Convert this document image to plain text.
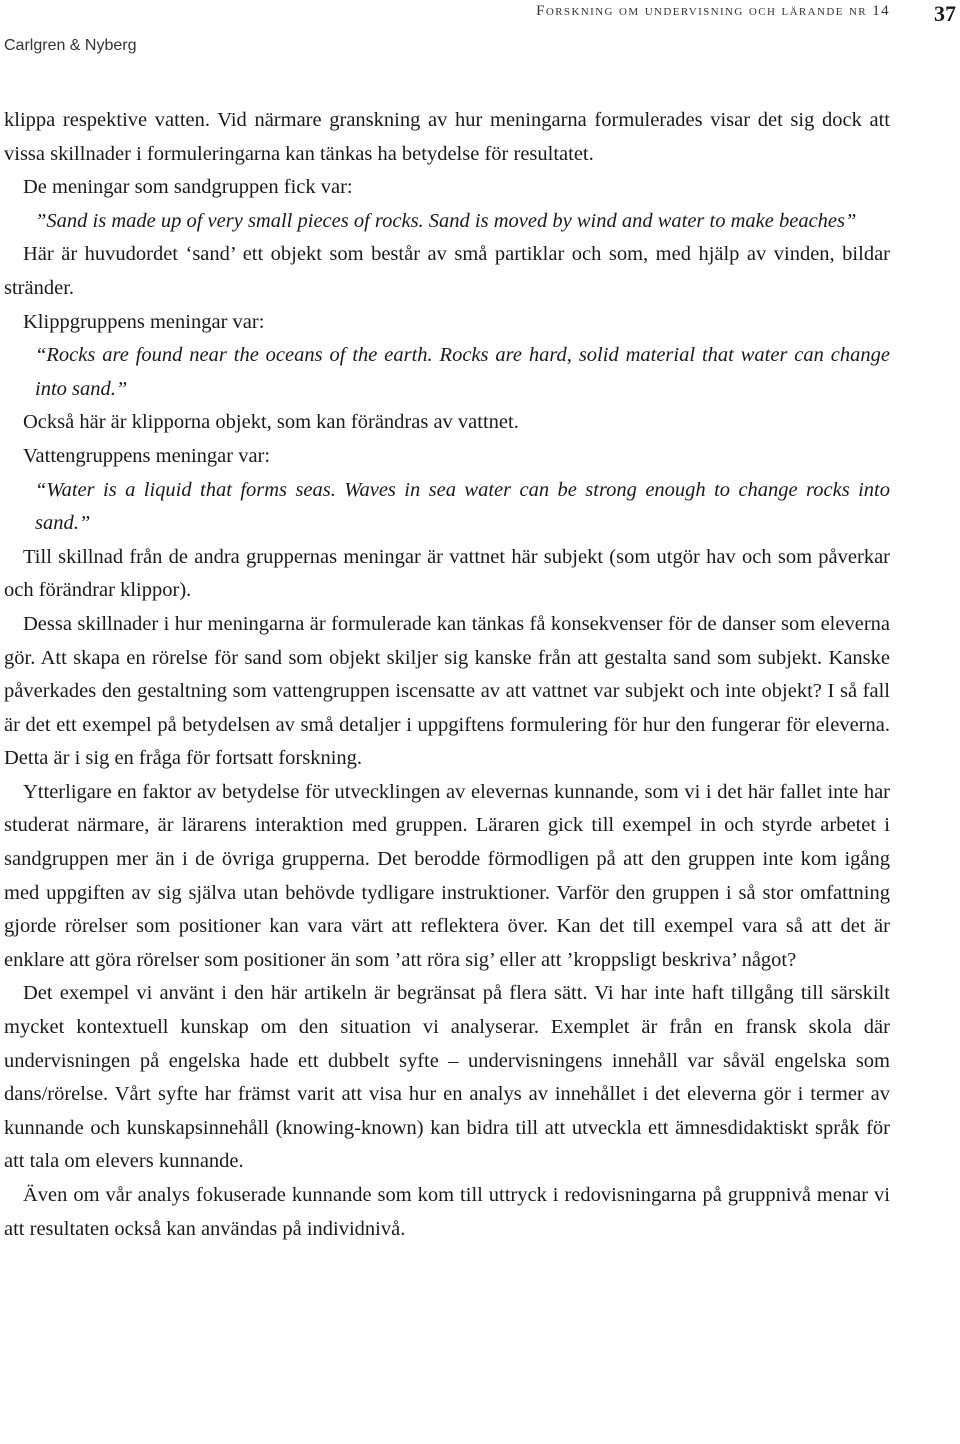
Forskning om undervisning och lärande nr 14 37
Carlgren & Nyberg

klippa respektive vatten. Vid närmare granskning av hur meningarna formulerades visar det sig dock att vissa skillnader i formuleringarna kan tänkas ha betydelse för resultatet.

De meningar som sandgruppen fick var:

”Sand is made up of very small pieces of rocks. Sand is moved by wind and water to make beaches”

Här är huvudordet ‘sand’ ett objekt som består av små partiklar och som, med hjälp av vinden, bildar stränder.

Klippgruppens meningar var:

“Rocks are found near the oceans of the earth. Rocks are hard, solid material that water can change into sand.”

Också här är klipporna objekt, som kan förändras av vattnet.

Vattengruppens meningar var:

“Water is a liquid that forms seas. Waves in sea water can be strong enough to change rocks into sand.”

Till skillnad från de andra gruppernas meningar är vattnet här subjekt (som utgör hav och som påverkar och förändrar klippor).

Dessa skillnader i hur meningarna är formulerade kan tänkas få konsekvenser för de danser som eleverna gör. Att skapa en rörelse för sand som objekt skiljer sig kanske från att gestalta sand som subjekt. Kanske påverkades den gestaltning som vattengruppen iscensatte av att vattnet var subjekt och inte objekt? I så fall är det ett exempel på betydelsen av små detaljer i uppgiftens formulering för hur den fungerar för eleverna. Detta är i sig en fråga för fortsatt forskning.

Ytterligare en faktor av betydelse för utvecklingen av elevernas kunnande, som vi i det här fallet inte har studerat närmare, är lärarens interaktion med gruppen. Läraren gick till exempel in och styrde arbetet i sandgruppen mer än i de övriga grupperna. Det berodde förmodligen på att den gruppen inte kom igång med uppgiften av sig själva utan behövde tydligare instruktioner. Varför den gruppen i så stor omfattning gjorde rörelser som positioner kan vara värt att reflektera över. Kan det till exempel vara så att det är enklare att göra rörelser som positioner än som ’att röra sig’ eller att ’kroppsligt beskriva’ något?

Det exempel vi använt i den här artikeln är begränsat på flera sätt. Vi har inte haft tillgång till särskilt mycket kontextuell kunskap om den situation vi analyserar. Exemplet är från en fransk skola där undervisningen på engelska hade ett dubbelt syfte – undervisningens innehåll var såväl engelska som dans/rörelse. Vårt syfte har främst varit att visa hur en analys av innehållet i det eleverna gör i termer av kunnande och kunskapsinnehåll (knowing-known) kan bidra till att utveckla ett ämnesdidaktiskt språk för att tala om elevers kunnande.

Även om vår analys fokuserade kunnande som kom till uttryck i redovisningarna på gruppnivå menar vi att resultaten också kan användas på individnivå.
